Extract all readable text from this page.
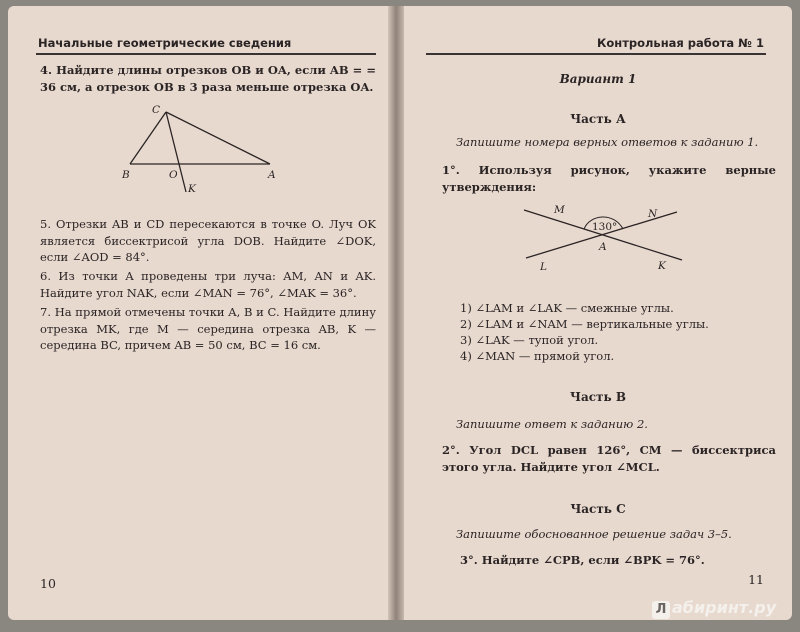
Начальные геометрические сведения
4. Найдите длины отрезков OB и OA, если AB = = 36 см, а отрезок OB в 3 раза меньше отрезка OA.
C
B	O	A
K
5. Отрезки AB и CD пересекаются в точке O. Луч OK является биссектрисой угла DOB. Найдите ∠DOK, если ∠AOD = 84°.
6. Из точки A проведены три луча: AM, AN и AK. Найдите угол NAK, если ∠MAN = 76°, ∠MAK = 36°.
7. На прямой отмечены точки A, B и C. Найдите длину отрезка MK, где M — середина отрезка AB, K — середина BC, причем AB = 50 см, BC = 16 см.
10
Контрольная работа № 1
Вариант 1
Часть А
Запишите номера верных ответов к заданию 1.
1°. Используя рисунок, укажите верные утверждения:
M	N
130°
A
L	K
1) ∠LAM и ∠LAK — смежные углы.
2) ∠LAM и ∠NAM — вертикальные углы.
3) ∠LAK — тупой угол.
4) ∠MAN — прямой угол.
Часть В
Запишите ответ к заданию 2.
2°. Угол DCL равен 126°, CM — биссектриса этого угла. Найдите угол ∠MCL.
Часть С
Запишите обоснованное решение задач 3–5.
3°. Найдите ∠CPB, если ∠BPK = 76°.
11
Л абиринт.ру
